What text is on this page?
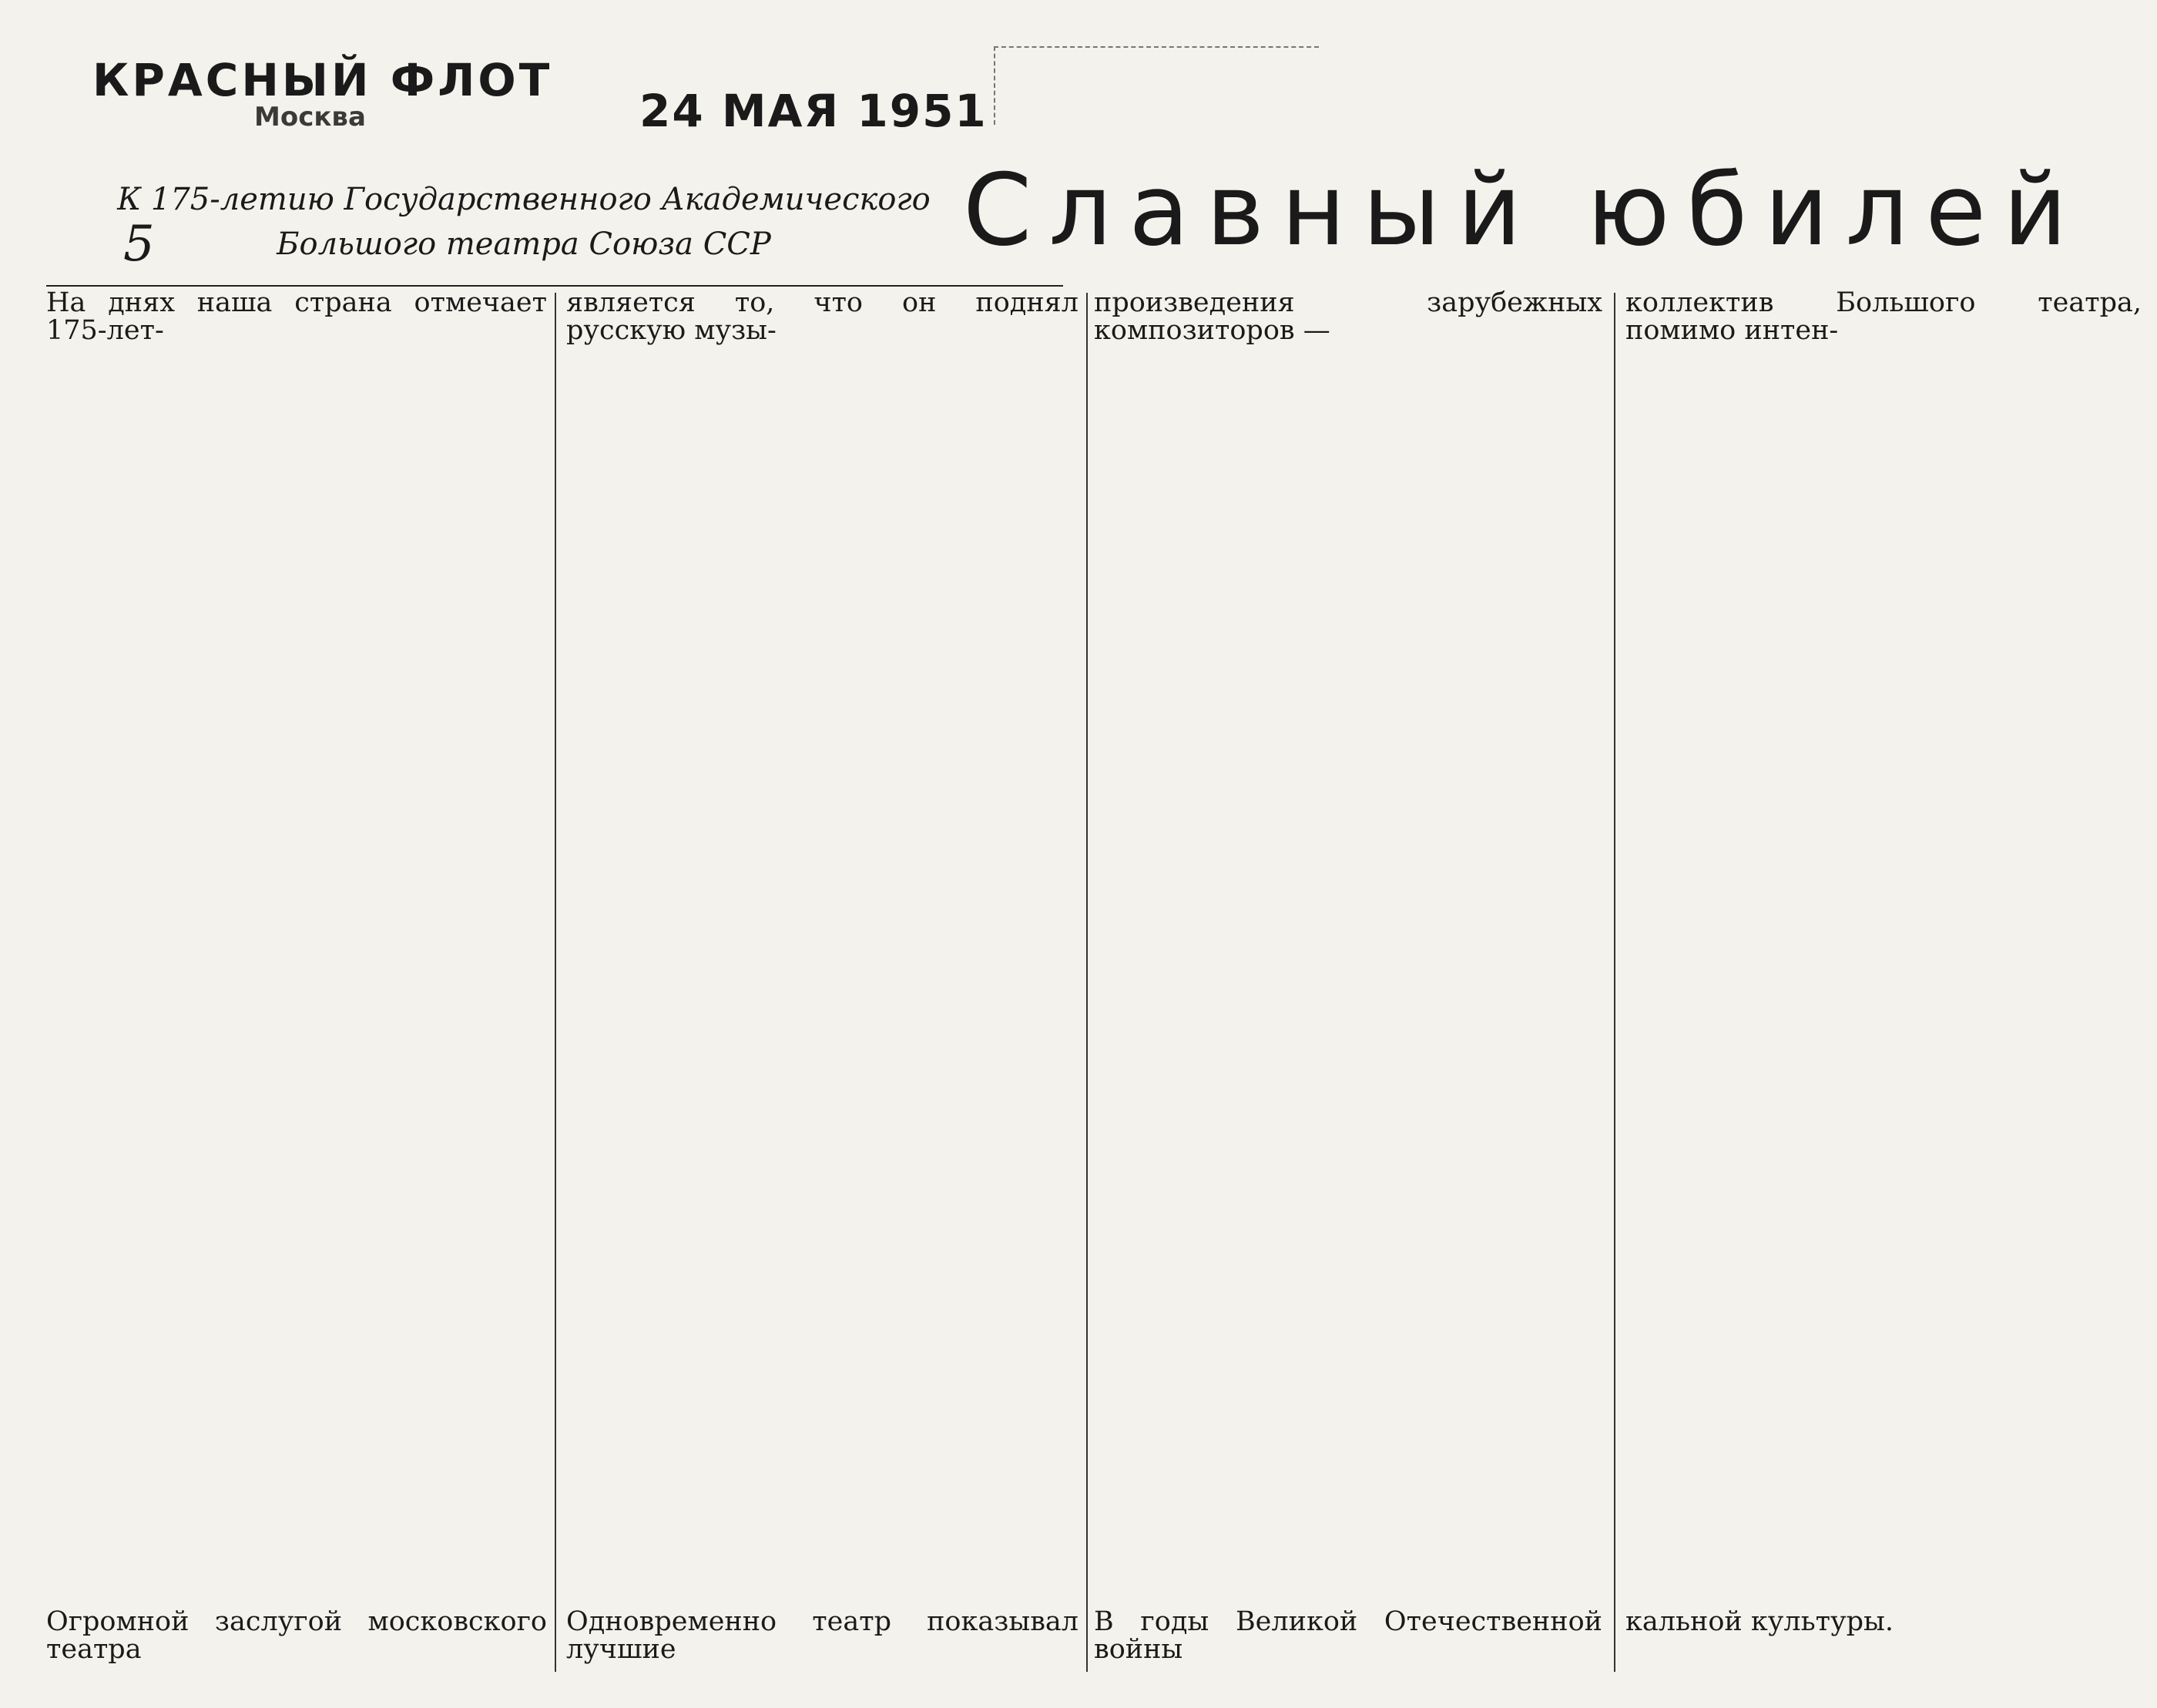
КРАСНЫЙ ФЛОТ
Москва	24 МАЯ 1951
К 175-летию Государственного Академического
Большого театра Союза ССР
5	Славный юбилей

На днях наша страна отмечает 175-лет-

Огромной заслугой московского театра

является то, что он поднял русскую музы-

Одновременно театр показывал лучшие

произведения зарубежных композиторов —

В годы Великой Отечественной войны

коллектив Большого театра, помимо интен-

кальной культуры.
